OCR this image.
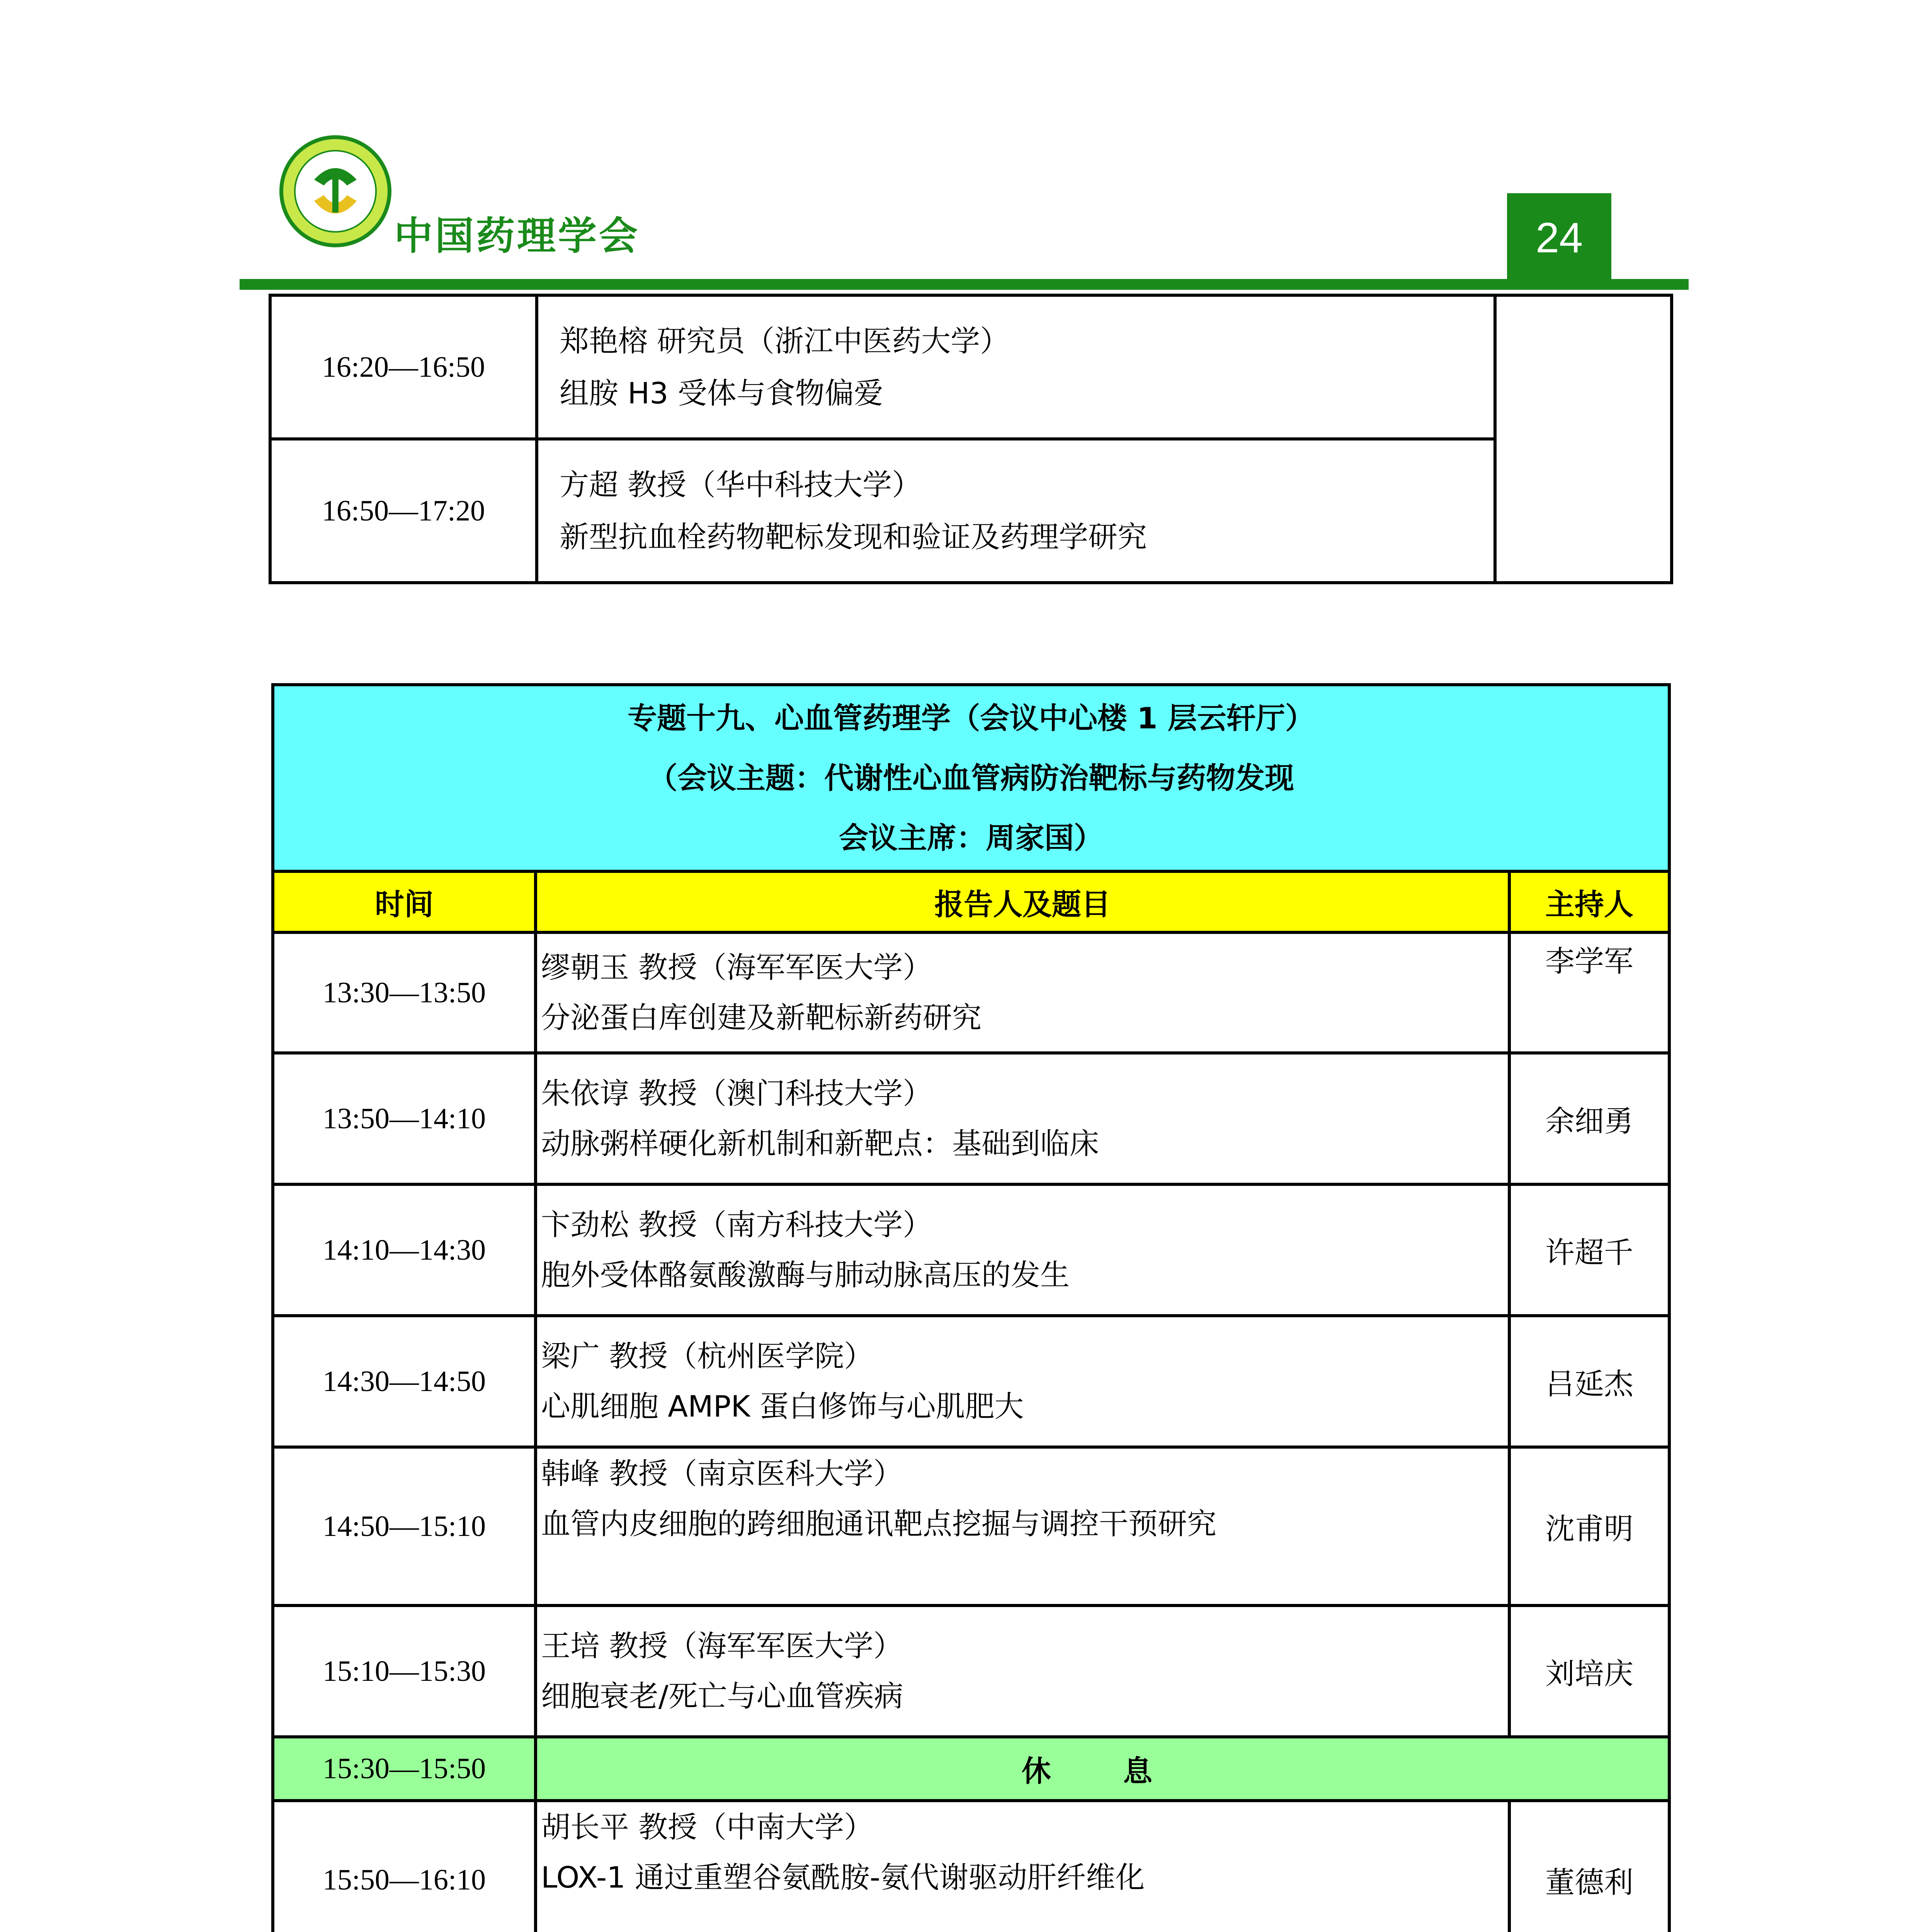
中国药理学会	24
16:20—16:50	郑艳榕 研究员（浙江中医药大学）
组胺 H3 受体与食物偏爱	

16:50—17:20	方超 教授（华中科技大学）
新型抗血栓药物靶标发现和验证及药理学研究	
专题十九、心血管药理学（会议中心楼 1 层云轩厅）
（会议主题：代谢性心血管病防治靶标与药物发现
会议主席：周家国）		

时间	报告人及题目	主持人
13:30—13:50	缪朝玉 教授（海军军医大学）
分泌蛋白库创建及新靶标新药研究	李学军
13:50—14:10	朱依谆 教授（澳门科技大学）
动脉粥样硬化新机制和新靶点：基础到临床	余细勇
14:10—14:30	卞劲松 教授（南方科技大学）
胞外受体酪氨酸激酶与肺动脉高压的发生	许超千
14:30—14:50	梁广 教授（杭州医学院）
心肌细胞 AMPK 蛋白修饰与心肌肥大	吕延杰
14:50—15:10	韩峰 教授（南京医科大学）
血管内皮细胞的跨细胞通讯靶点挖掘与调控干预研究	沈甫明
15:10—15:30	王培 教授（海军军医大学）
细胞衰老/死亡与心血管疾病	刘培庆
15:30—15:50	休 息	
15:50—16:10	胡长平 教授（中南大学）
LOX-1 通过重塑谷氨酰胺-氨代谢驱动肝纤维化	董德利
